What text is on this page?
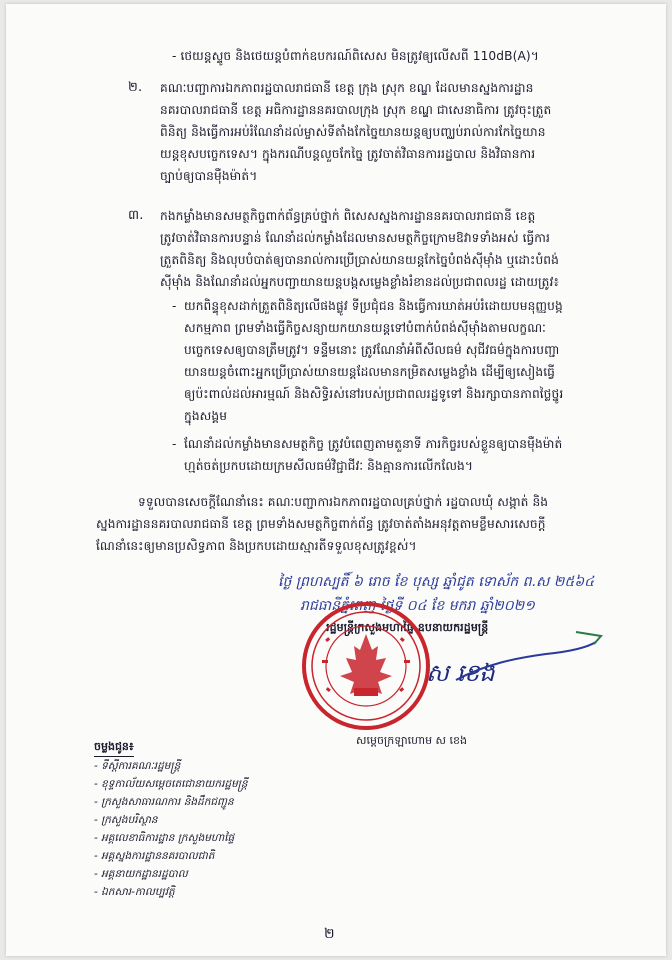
- ថេយន្តស្ទូច និងថេយន្តបំពាក់ឧបករណ៍ពិសេស មិនត្រូវឲ្យលើសពី 110dB(A)។
២. គណៈបញ្ជាការឯកភាពរដ្ឋបាលរាជធានី ខេត្ត ក្រុង ស្រុក ខណ្ឌ ដែលមានស្នងការដ្ឋាន
នគរបាលរាជធានី ខេត្ត អធិការដ្ឋាននគរបាលក្រុង ស្រុក ខណ្ឌ ជាសេនាធិការ ត្រូវចុះត្រួត
ពិនិត្យ និងធ្វើការអប់រំណែនាំដល់ម្ចាស់ទីតាំងកែច្នៃយានយន្តឲ្យបញ្ឈប់រាល់ការកែច្នៃយាន
យន្តខុសបច្ចេកទេស។ ក្នុងករណីបន្តលួចកែច្នៃ ត្រូវចាត់វិធានការរដ្ឋបាល និងវិធានការ
ច្បាប់ឲ្យបានម៉ឺងម៉ាត់។
៣. កងកម្លាំងមានសមត្ថកិច្ចពាក់ព័ន្ធគ្រប់ថ្នាក់ ពិសេសស្នងការដ្ឋាននគរបាលរាជធានី ខេត្ត
ត្រូវចាត់វិធានការបន្ទាន់ ណែនាំដល់កម្លាំងដែលមានសមត្ថកិច្ចក្រោមឱវាទទាំងអស់ ធ្វើការ
ត្រួតពិនិត្យ និងលុបបំបាត់ឲ្យបានរាល់ការប្រើប្រាស់យានយន្តកែច្នៃបំពង់ស៊ីម៉ាំង ឬដោះបំពង់
ស៊ីម៉ាំង និងណែនាំដល់អ្នកបញ្ជាយានយន្តបង្កសម្លេងខ្លាំងរំខានដល់ប្រជាពលរដ្ឋ ដោយត្រូវ៖
- យកពិន្ទុខុសដាក់ត្រួតពិនិត្យលើផងផ្លូវ ទីប្រជុំជន និងធ្វើការឃាត់អប់រំដោយបមនុញ្ញបង្ក
សកម្មភាព ព្រមទាំងធ្វើកិច្ចសន្យាយកយានយន្តទៅបំពាក់បំពង់ស៊ីម៉ាំងតាមលក្ខណៈ
បច្ចេកទេសឲ្យបានត្រឹមត្រូវ។ ទន្ទឹមនោះ ត្រូវណែនាំអំពីសីលធម៌ សុជីវធម៌ក្នុងការបញ្ជា
យានយន្តចំពោះអ្នកប្រើប្រាស់យានយន្តដែលមានកម្រិតសម្លេងខ្លាំង ដើម្បីឲ្យសៀងធ្វើ
ឲ្យប៉ះពាល់ដល់អារម្មណ៍ និងសិទ្ធិរស់នៅរបស់ប្រជាពលរដ្ឋទូទៅ និងរក្សាបានភាពថ្លៃថ្នូរ
ក្នុងសង្គម
- ណែនាំដល់កម្លាំងមានសមត្ថកិច្ច ត្រូវបំពេញតាមតួនាទី ភារកិច្ចរបស់ខ្លួនឲ្យបានម៉ឺងម៉ាត់
ហ្មត់ចត់ប្រកបដោយក្រមសីលធម៌វិជ្ជាជីវៈ និងគ្មានការលើកលែង។
ទទួលបានសេចក្តីណែនាំនេះ គណៈបញ្ជាការឯកភាពរដ្ឋបាលគ្រប់ថ្នាក់ រដ្ឋបាលឃុំ សង្កាត់ និង
ស្នងការដ្ឋាននគរបាលរាជធានី ខេត្ត ព្រមទាំងសមត្ថកិច្ចពាក់ព័ន្ធ ត្រូវចាត់តាំងអនុវត្តតាមខ្លឹមសារសេចក្តី
ណែនាំនេះឲ្យមានប្រសិទ្ធភាព និងប្រកបដោយស្មារតីទទួលខុសត្រូវខ្ពស់។
ថ្ងៃ ព្រហស្បតិ៍ ៦ រោច ខែ បុស្ស ឆ្នាំជូត ទោស័ក ព.ស ២៥៦៤
រាជធានីភ្នំពេញ ថ្ងៃទី ០៤ ខែ មករា ឆ្នាំ២០២១
រដ្ឋមន្ត្រីក្រសួងមហាផ្ទៃ ឧបនាយករដ្ឋមន្ត្រី
ស ខេង
សម្តេចក្រឡាហោម ស ខេង
ចម្លងជូន៖
- ទីស្តីការគណៈរដ្ឋមន្ត្រី
- ខុទ្ទកាល័យសម្តេចតេជោនាយករដ្ឋមន្ត្រី
- ក្រសួងសាធារណការ និងដឹកជញ្ជូន
- ក្រសួងបរិស្ថាន
- អគ្គលេខាធិការដ្ឋាន ក្រសួងមហាផ្ទៃ
- អគ្គស្នងការដ្ឋាននគរបាលជាតិ
- អគ្គនាយកដ្ឋានរដ្ឋបាល
- ឯកសារ-កាលប្បវត្តិ
២
